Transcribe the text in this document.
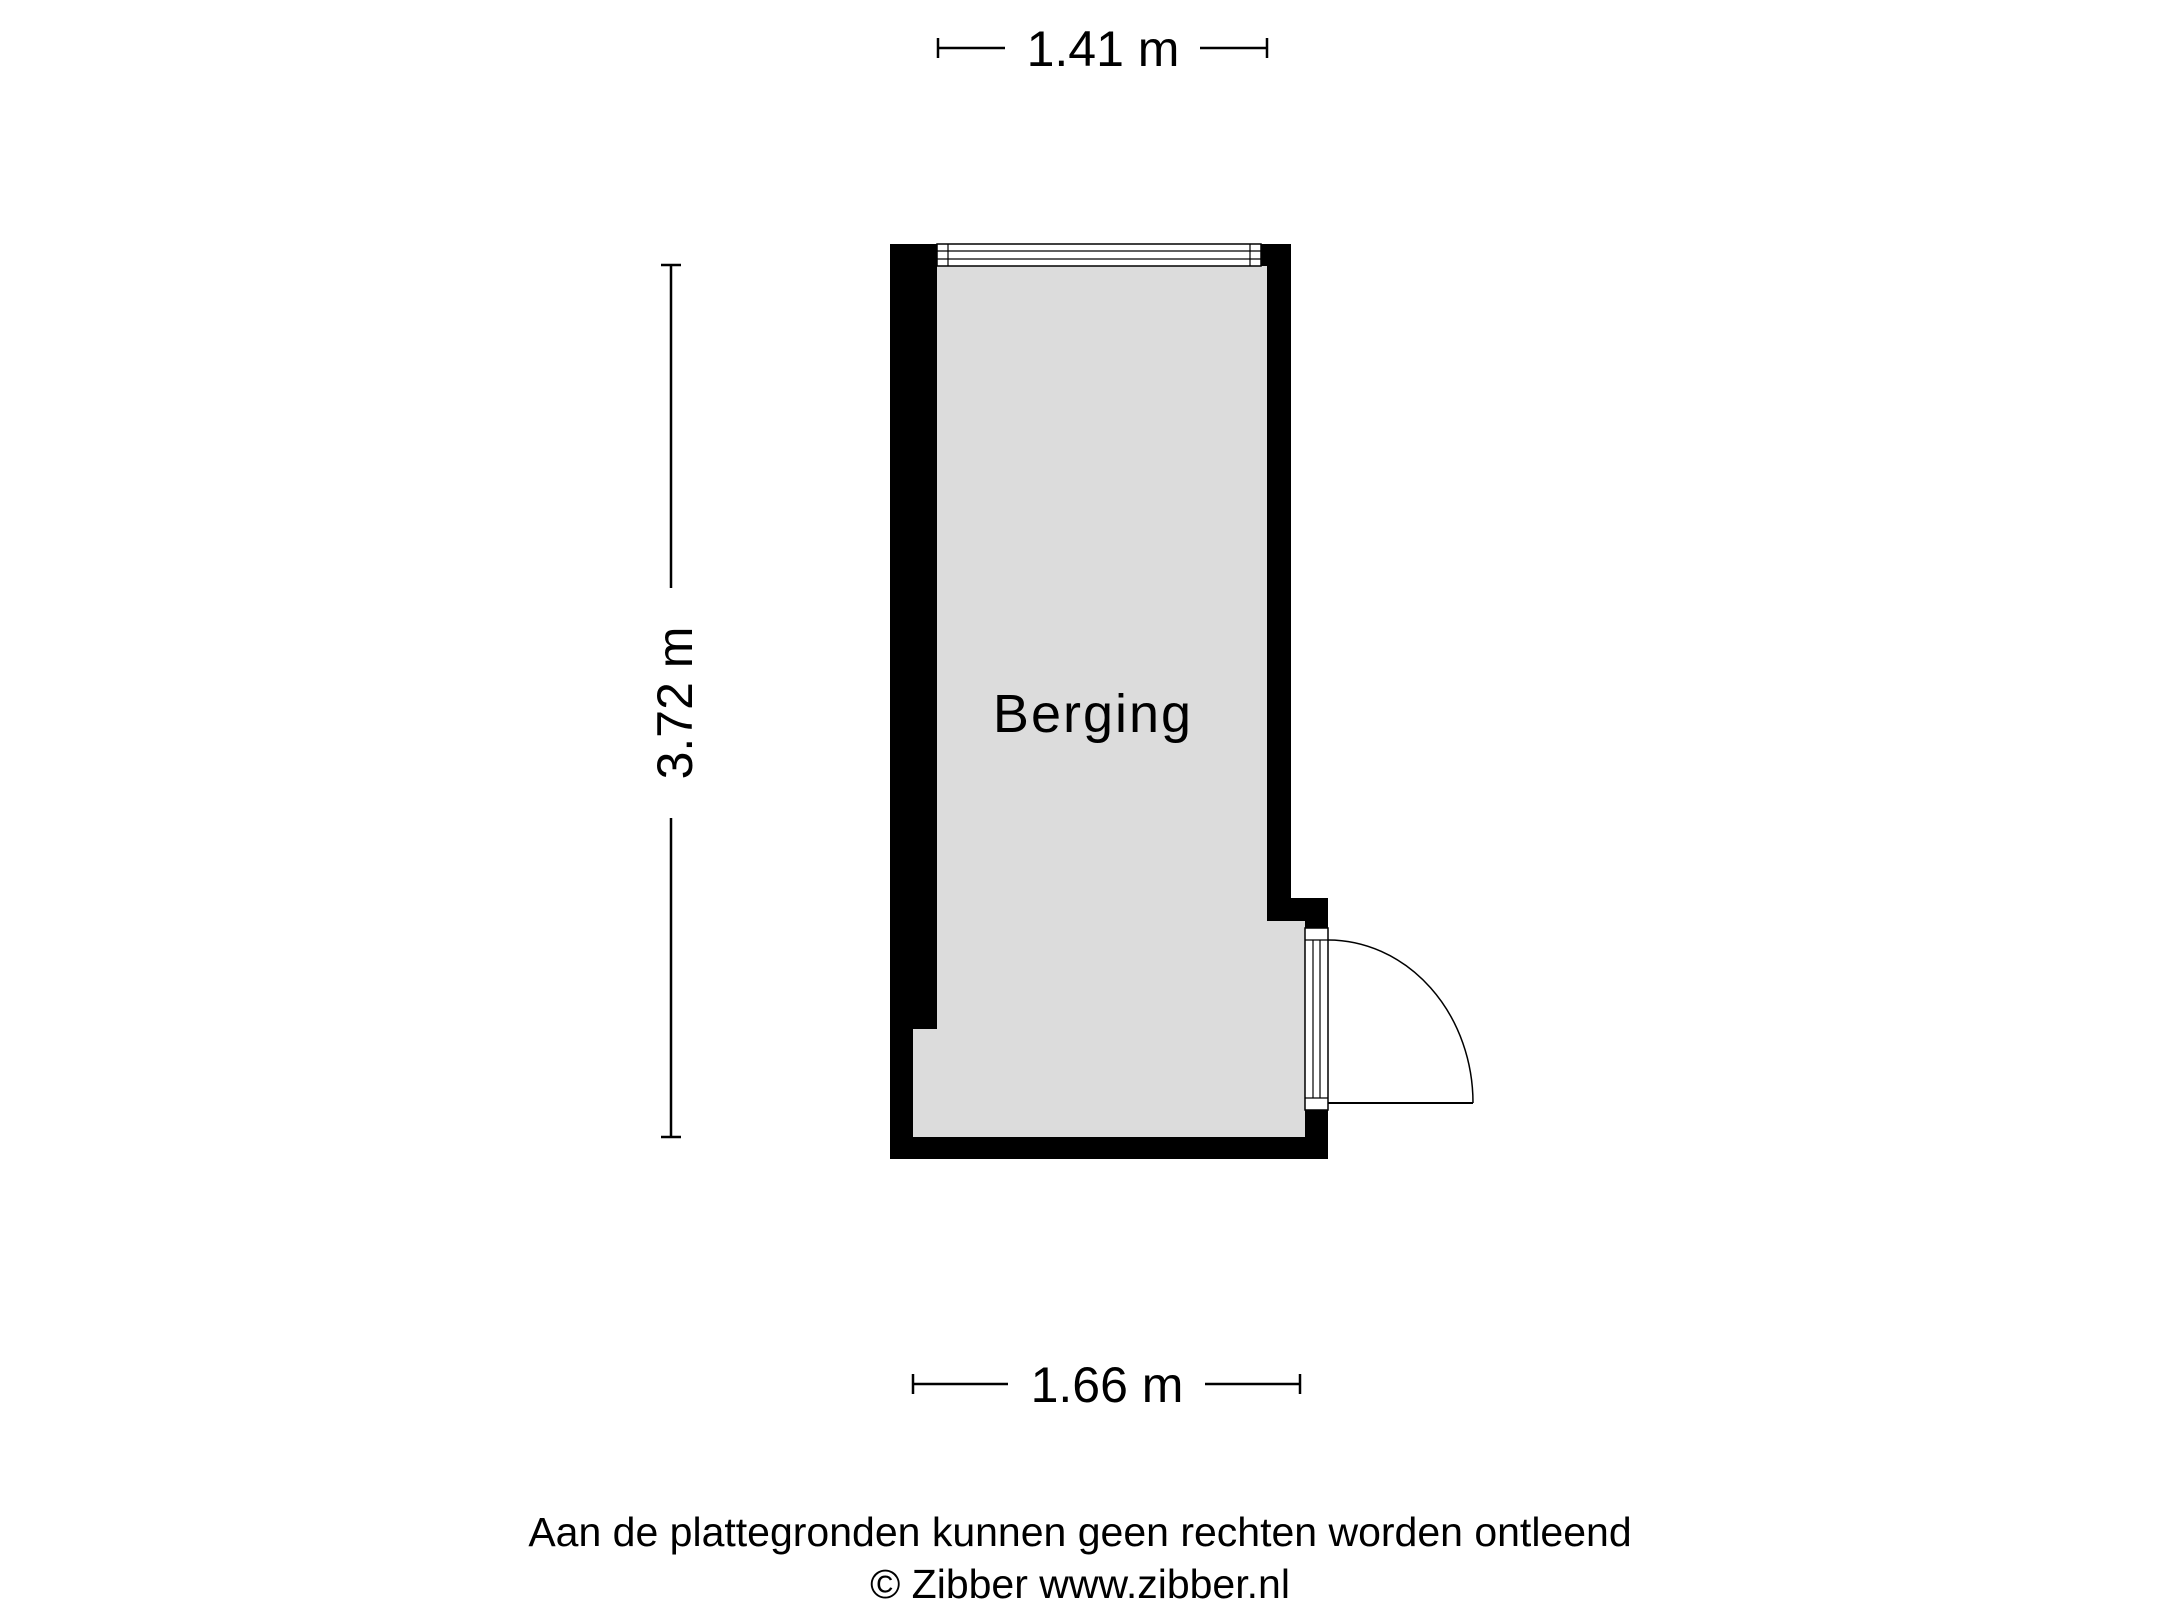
1.41 m
3.72 m
1.66 m
Berging
Aan de plattegronden kunnen geen rechten worden ontleend
© Zibber www.zibber.nl
